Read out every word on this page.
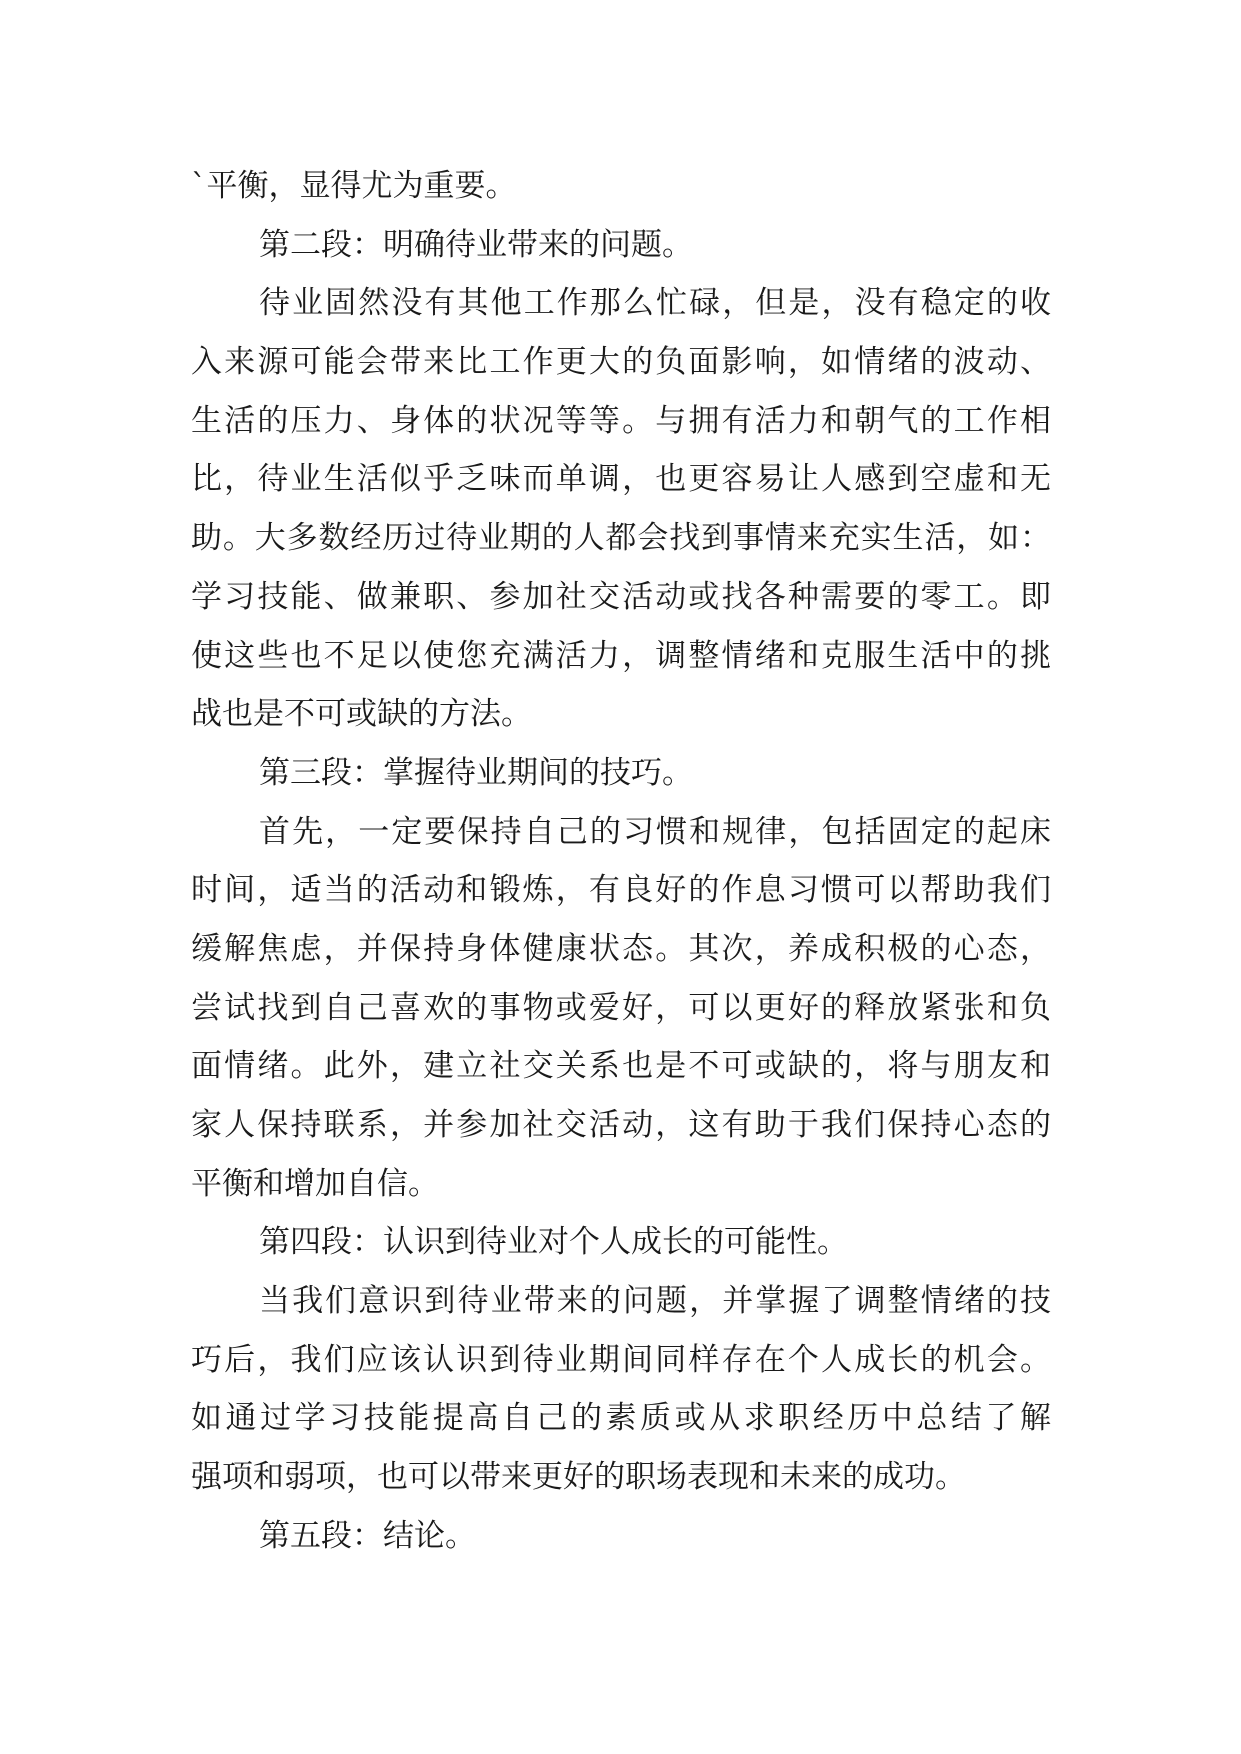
`平衡，显得尤为重要。
第二段：明确待业带来的问题。
待业固然没有其他工作那么忙碌，但是，没有稳定的收
入来源可能会带来比工作更大的负面影响，如情绪的波动、
生活的压力、身体的状况等等。与拥有活力和朝气的工作相
比，待业生活似乎乏味而单调，也更容易让人感到空虚和无
助。大多数经历过待业期的人都会找到事情来充实生活，如：
学习技能、做兼职、参加社交活动或找各种需要的零工。即
使这些也不足以使您充满活力，调整情绪和克服生活中的挑
战也是不可或缺的方法。
第三段：掌握待业期间的技巧。
首先，一定要保持自己的习惯和规律，包括固定的起床
时间，适当的活动和锻炼，有良好的作息习惯可以帮助我们
缓解焦虑，并保持身体健康状态。其次，养成积极的心态，
尝试找到自己喜欢的事物或爱好，可以更好的释放紧张和负
面情绪。此外，建立社交关系也是不可或缺的，将与朋友和
家人保持联系，并参加社交活动，这有助于我们保持心态的
平衡和增加自信。
第四段：认识到待业对个人成长的可能性。
当我们意识到待业带来的问题，并掌握了调整情绪的技
巧后，我们应该认识到待业期间同样存在个人成长的机会。
如通过学习技能提高自己的素质或从求职经历中总结了解
强项和弱项，也可以带来更好的职场表现和未来的成功。
第五段：结论。
